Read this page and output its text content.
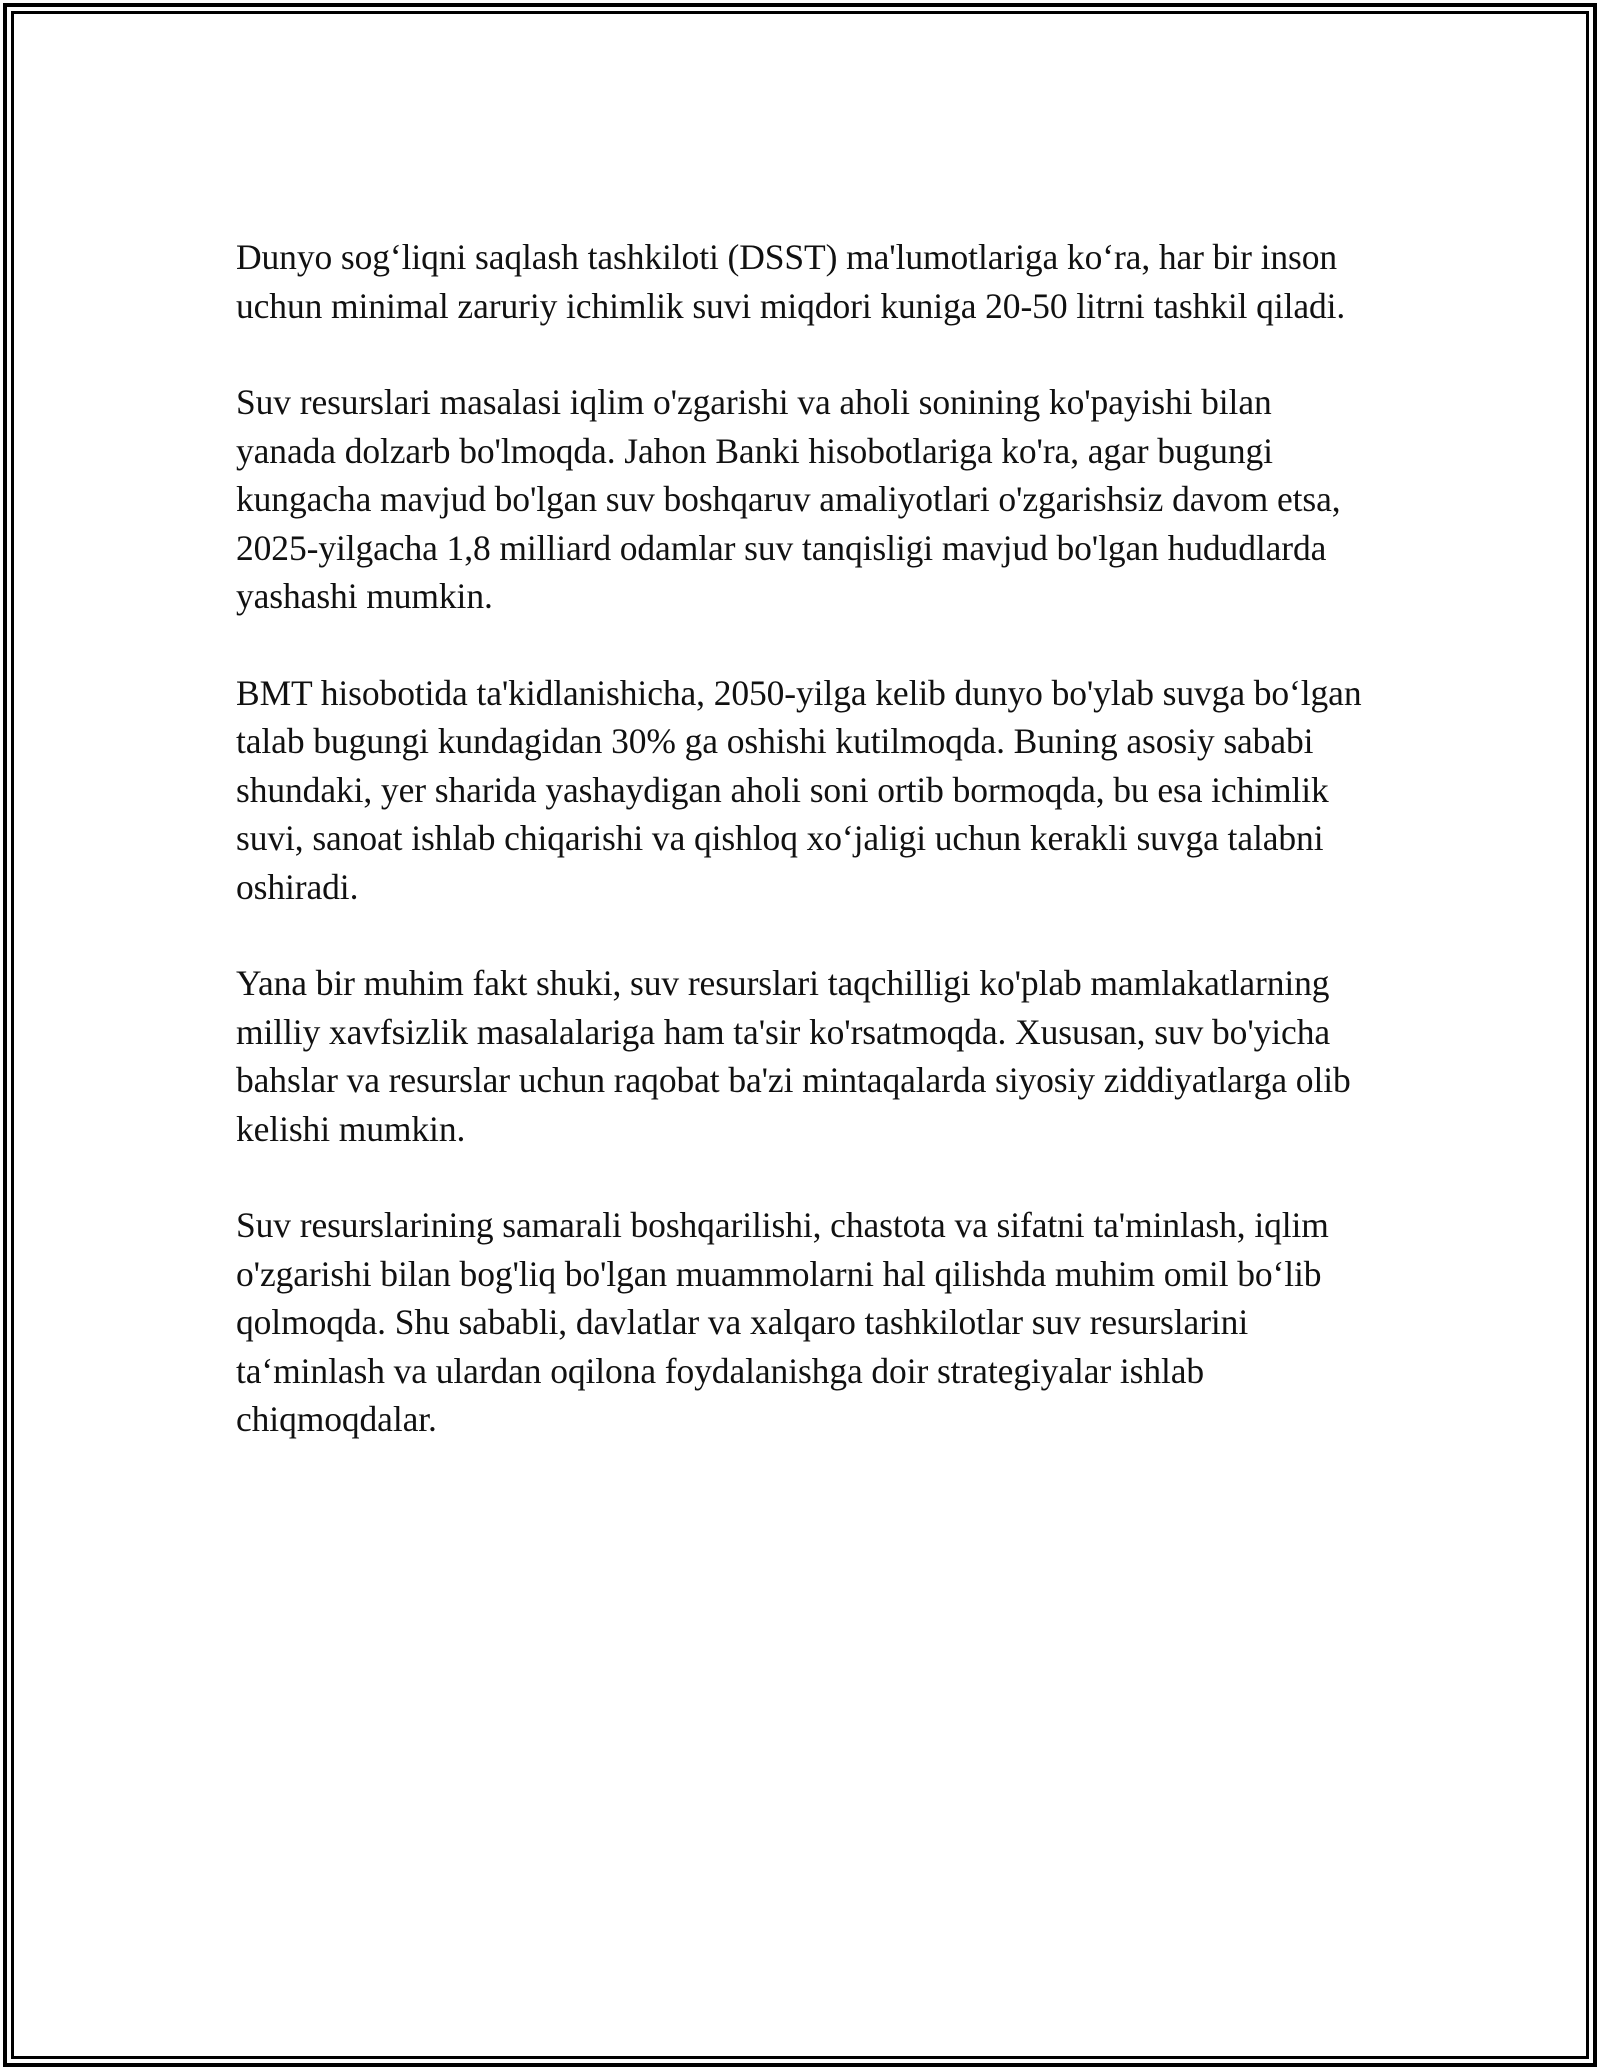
Dunyo sog‘liqni saqlash tashkiloti (DSST) ma'lumotlariga ko‘ra, har bir inson uchun minimal zaruriy ichimlik suvi miqdori kuniga 20-50 litrni tashkil qiladi.

Suv resurslari masalasi iqlim o'zgarishi va aholi sonining ko'payishi bilan yanada dolzarb bo'lmoqda. Jahon Banki hisobotlariga ko'ra, agar bugungi kungacha mavjud bo'lgan suv boshqaruv amaliyotlari o'zgarishsiz davom etsa, 2025-yilgacha 1,8 milliard odamlar suv tanqisligi mavjud bo'lgan hududlarda yashashi mumkin.

BMT hisobotida ta'kidlanishicha, 2050-yilga kelib dunyo bo'ylab suvga bo‘lgan talab bugungi kundagidan 30% ga oshishi kutilmoqda. Buning asosiy sababi shundaki, yer sharida yashaydigan aholi soni ortib bormoqda, bu esa ichimlik suvi, sanoat ishlab chiqarishi va qishloq xo‘jaligi uchun kerakli suvga talabni oshiradi.

Yana bir muhim fakt shuki, suv resurslari taqchilligi ko'plab mamlakatlarning milliy xavfsizlik masalalariga ham ta'sir ko'rsatmoqda. Xususan, suv bo'yicha bahslar va resurslar uchun raqobat ba'zi mintaqalarda siyosiy ziddiyatlarga olib kelishi mumkin.

Suv resurslarining samarali boshqarilishi, chastota va sifatni ta'minlash, iqlim o'zgarishi bilan bog'liq bo'lgan muammolarni hal qilishda muhim omil bo‘lib qolmoqda. Shu sababli, davlatlar va xalqaro tashkilotlar suv resurslarini ta‘minlash va ulardan oqilona foydalanishga doir strategiyalar ishlab chiqmoqdalar.
